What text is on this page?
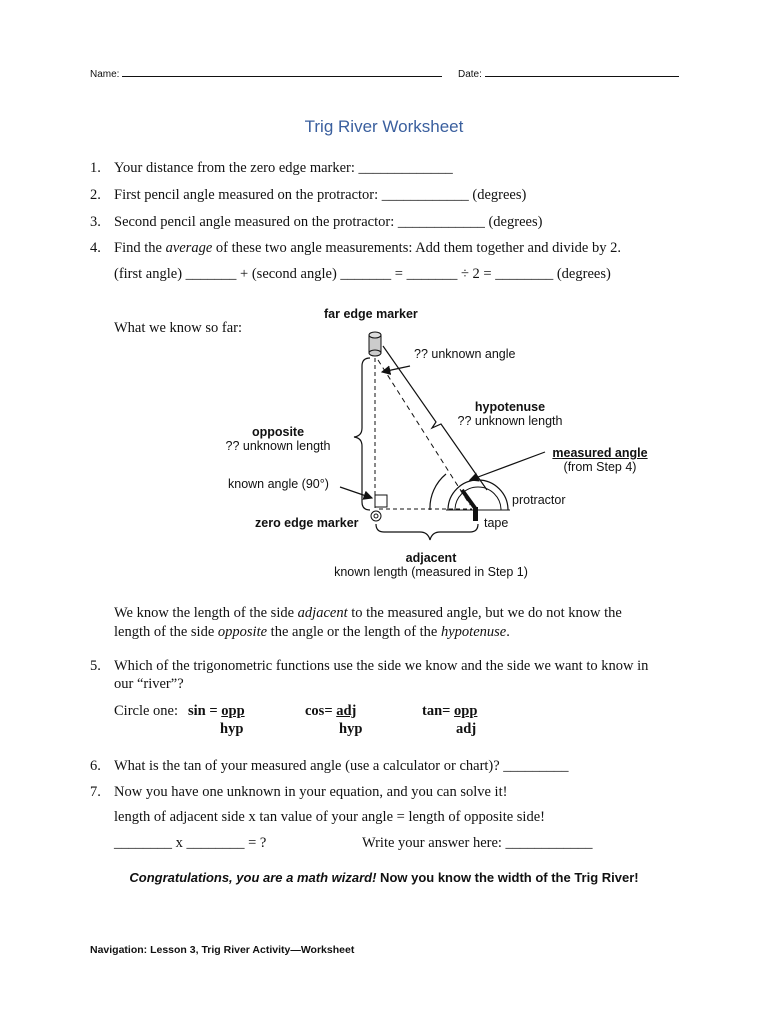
Name:	Date:
Trig River Worksheet
1. Your distance from the zero edge marker: _____________
2. First pencil angle measured on the protractor: ____________ (degrees)
3. Second pencil angle measured on the protractor: ____________ (degrees)
4. Find the average of these two angle measurements: Add them together and divide by 2.
(first angle) _______ + (second angle) _______ = _______ ÷ 2 = ________ (degrees)
What we know so far:
far edge marker
?? unknown angle
hypotenuse
?? unknown length
opposite
?? unknown length	measured angle
(from Step 4)
known angle (90°)
protractor
zero edge marker	tape
adjacent
known length (measured in Step 1)
We know the length of the side adjacent to the measured angle, but we do not know the
length of the side opposite the angle or the length of the hypotenuse.
5. Which of the trigonometric functions use the side we know and the side we want to know in
our “river”?
Circle one: sin = opp
hyp
cos= adj
hyp
tan= opp
adj
6. What is the tan of your measured angle (use a calculator or chart)? _________
7. Now you have one unknown in your equation, and you can solve it!
length of adjacent side x tan value of your angle = length of opposite side!
________ x ________ = ?	Write your answer here: ____________
Congratulations, you are a math wizard! Now you know the width of the Trig River!
Navigation: Lesson 3, Trig River Activity—Worksheet
